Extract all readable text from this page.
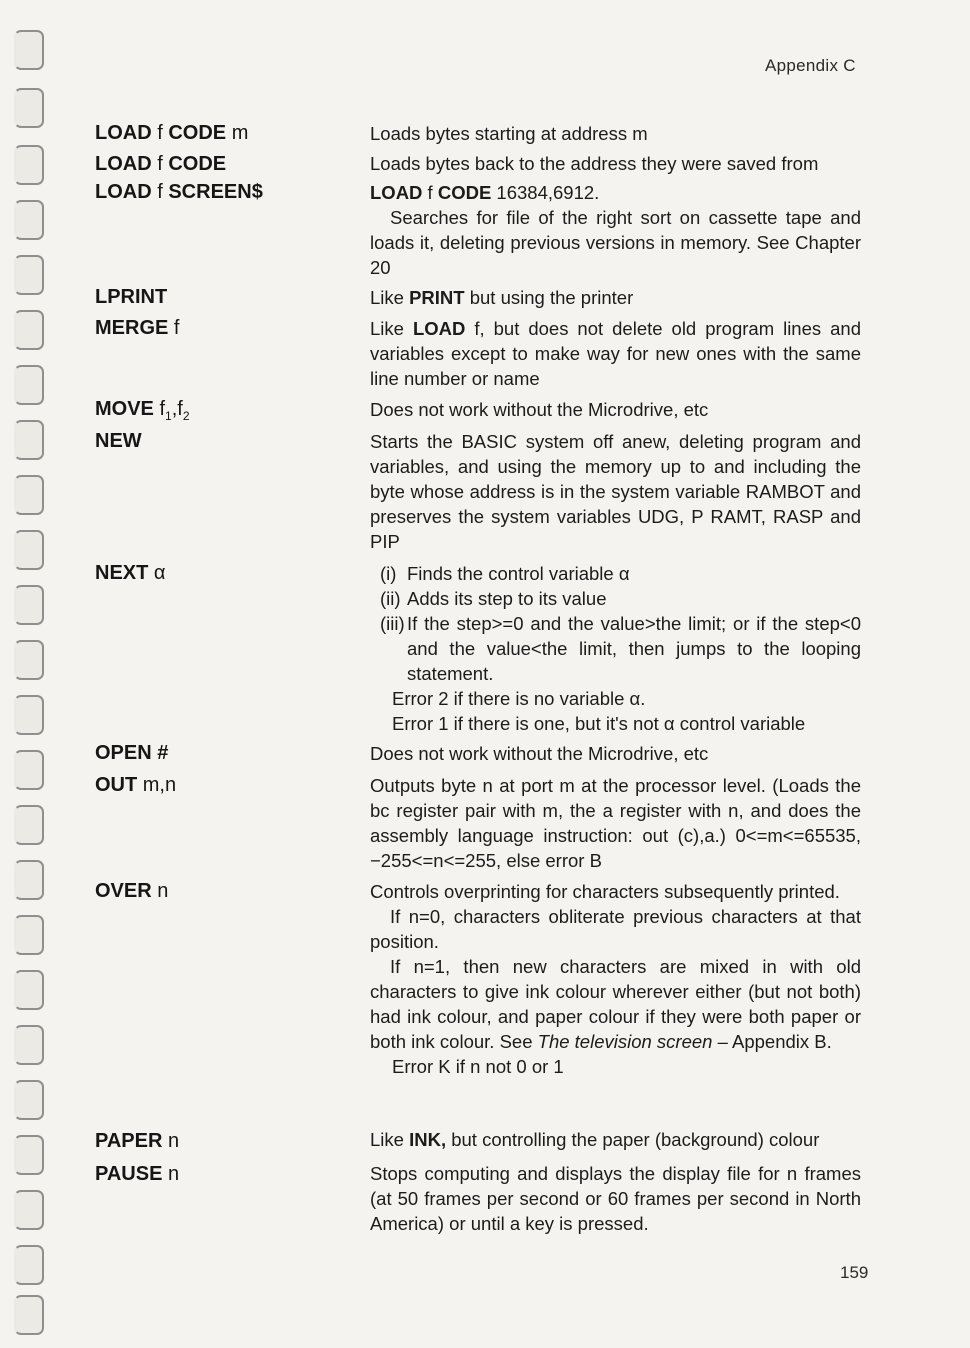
Appendix C
LOAD f CODE m	Loads bytes starting at address m

LOAD f CODE	Loads bytes back to the address they were saved from

LOAD f SCREEN$	LOAD f CODE 16384,6912.

Searches for file of the right sort on cassette tape and loads it, deleting previous versions in memory. See Chapter 20

LPRINT	Like PRINT but using the printer

MERGE f	Like LOAD f, but does not delete old program lines and variables except to make way for new ones with the same line number or name

MOVE $f_1,f_2$	Does not work without the Microdrive, etc

NEW	Starts the BASIC system off anew, deleting program and variables, and using the memory up to and including the byte whose address is in the system variable RAMBOT and preserves the system variables UDG, P RAMT, RASP and PIP

NEXT α	(i) Finds the control variable α
(ii) Adds its step to its value
(iii) If the step>=0 and the value>the limit; or if the step<0 and the value<the limit, then jumps to the looping statement.

Error 2 if there is no variable α.

Error 1 if there is one, but it's not α control variable

OPEN #	Does not work without the Microdrive, etc

OUT m,n	Outputs byte n at port m at the processor level. (Loads the bc register pair with m, the a register with n, and does the assembly language instruction: out (c),a.) 0<=m<=65535, −255<=n<=255, else error B

OVER n	Controls overprinting for characters subsequently printed.

If n=0, characters obliterate previous characters at that position.

If n=1, then new characters are mixed in with old characters to give ink colour wherever either (but not both) had ink colour, and paper colour if they were both paper or both ink colour. See The television screen – Appendix B.

Error K if n not 0 or 1

PAPER n	Like INK, but controlling the paper (background) colour

PAUSE n	Stops computing and displays the display file for n frames (at 50 frames per second or 60 frames per second in North America) or until a key is pressed.

159
